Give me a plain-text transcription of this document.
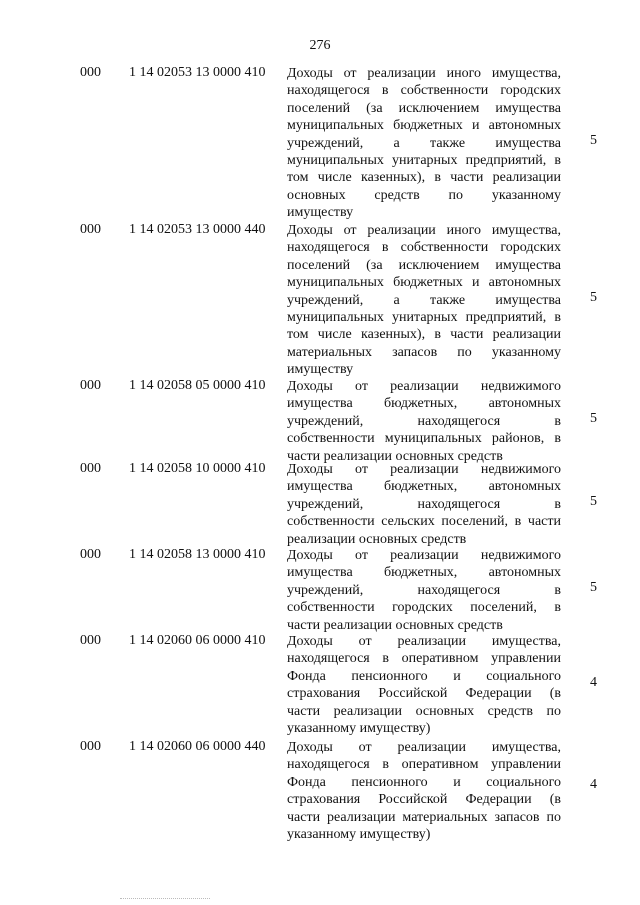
276
000 1 14 02053 13 0000 410 Доходы от реализации иного имущества,
находящегося в собственности городских
поселений (за исключением имущества
муниципальных бюджетных и автономных
учреждений, а также имущества
муниципальных унитарных предприятий, в
том числе казенных), в части реализации
основных средств по указанному
имуществу
5
000 1 14 02053 13 0000 440 Доходы от реализации иного имущества,
находящегося в собственности городских
поселений (за исключением имущества
муниципальных бюджетных и автономных
учреждений, а также имущества
муниципальных унитарных предприятий, в
том числе казенных), в части реализации
материальных запасов по указанному
имуществу
5
000 1 14 02058 05 0000 410 Доходы от реализации недвижимого
имущества бюджетных, автономных
учреждений, находящегося в
собственности муниципальных районов, в
части реализации основных средств
5
000 1 14 02058 10 0000 410 Доходы от реализации недвижимого
имущества бюджетных, автономных
учреждений, находящегося в
собственности сельских поселений, в части
реализации основных средств
5
000 1 14 02058 13 0000 410 Доходы от реализации недвижимого
имущества бюджетных, автономных
учреждений, находящегося в
собственности городских поселений, в
части реализации основных средств
5
000 1 14 02060 06 0000 410 Доходы от реализации имущества,
находящегося в оперативном управлении
Фонда пенсионного и социального
страхования Российской Федерации (в
части реализации основных средств по
указанному имуществу)
4
000 1 14 02060 06 0000 440 Доходы от реализации имущества,
находящегося в оперативном управлении
Фонда пенсионного и социального
страхования Российской Федерации (в
части реализации материальных запасов по
указанному имуществу)
4
